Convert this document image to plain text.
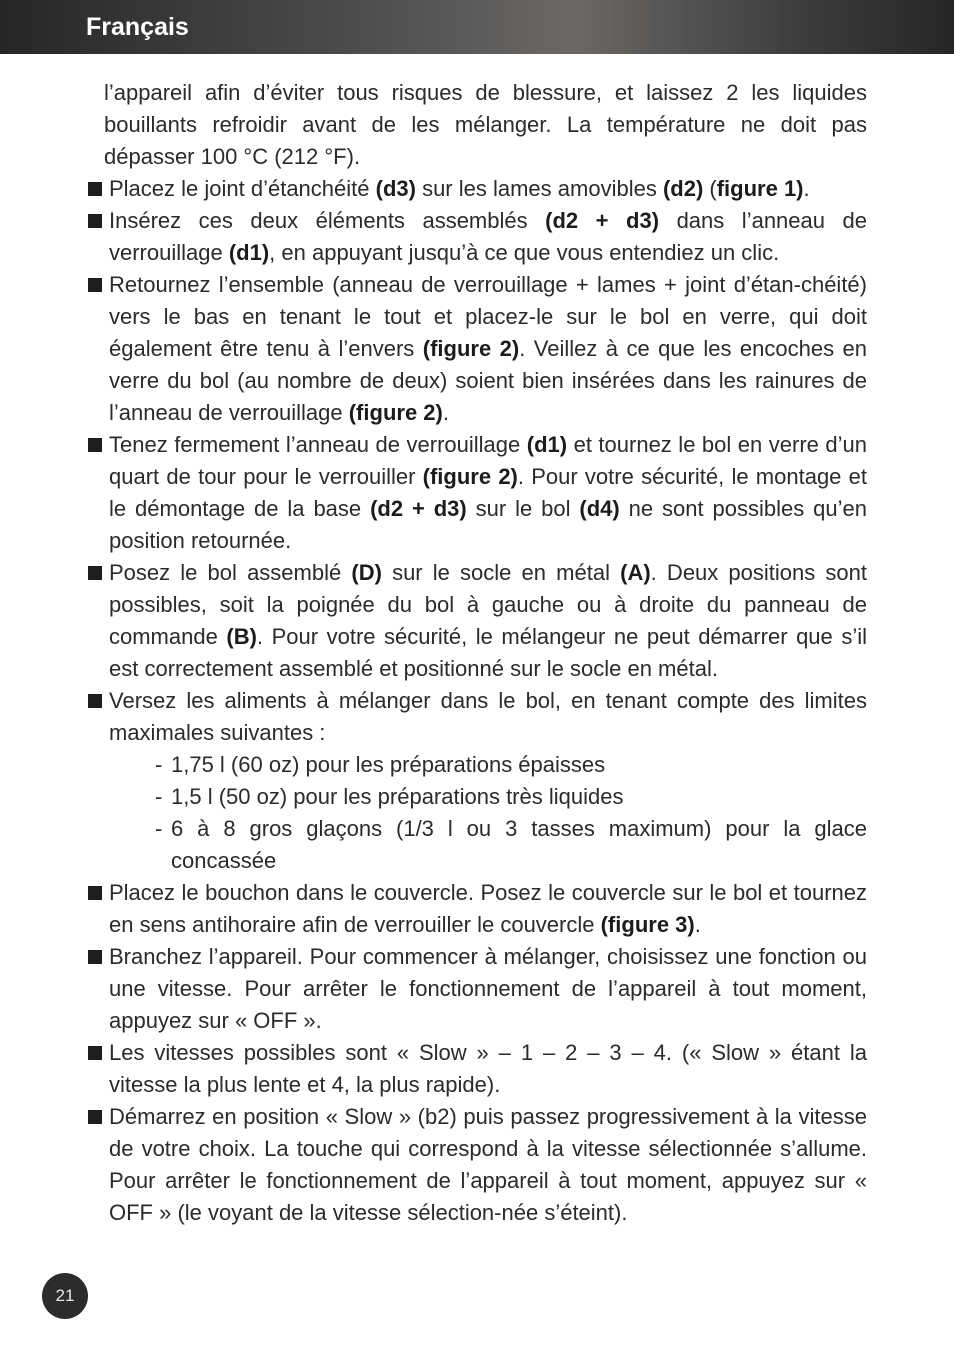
Français

l’appareil afin d’éviter tous risques de blessure, et laissez 2 les liquides bouillants refroidir avant de les mélanger. La température ne doit pas dépasser 100 °C (212 °F).

Placez le joint d’étanchéité (d3) sur les lames amovibles (d2) (figure 1).
Insérez ces deux éléments assemblés (d2 + d3) dans l’anneau de verrouillage (d1), en appuyant jusqu’à ce que vous entendiez un clic.
Retournez l’ensemble (anneau de verrouillage + lames + joint d’étan-chéité) vers le bas en tenant le tout et placez-le sur le bol en verre, qui doit également être tenu à l’envers (figure 2). Veillez à ce que les encoches en verre du bol (au nombre de deux) soient bien insérées dans les rainures de l’anneau de verrouillage (figure 2).
Tenez fermement l’anneau de verrouillage (d1) et tournez le bol en verre d’un quart de tour pour le verrouiller (figure 2). Pour votre sécurité, le montage et le démontage de la base (d2 + d3) sur le bol (d4) ne sont possibles qu’en position retournée.
Posez le bol assemblé (D) sur le socle en métal (A). Deux positions sont possibles, soit la poignée du bol à gauche ou à droite du panneau de commande (B). Pour votre sécurité, le mélangeur ne peut démarrer que s’il est correctement assemblé et positionné sur le socle en métal.
Versez les aliments à mélanger dans le bol, en tenant compte des limites maximales suivantes :
- 1,75 l (60 oz) pour les préparations épaisses
- 1,5 l (50 oz) pour les préparations très liquides
- 6 à 8 gros glaçons (1/3 l ou 3 tasses maximum) pour la glace concassée
Placez le bouchon dans le couvercle. Posez le couvercle sur le bol et tournez en sens antihoraire afin de verrouiller le couvercle (figure 3).
Branchez l’appareil. Pour commencer à mélanger, choisissez une fonction ou une vitesse. Pour arrêter le fonctionnement de l’appareil à tout moment, appuyez sur « OFF ».
Les vitesses possibles sont « Slow » – 1 – 2 – 3 – 4. (« Slow » étant la vitesse la plus lente et 4, la plus rapide).
Démarrez en position « Slow » (b2) puis passez progressivement à la vitesse de votre choix. La touche qui correspond à la vitesse sélectionnée s’allume. Pour arrêter le fonctionnement de l’appareil à tout moment, appuyez sur « OFF » (le voyant de la vitesse sélection-née s’éteint).
21
